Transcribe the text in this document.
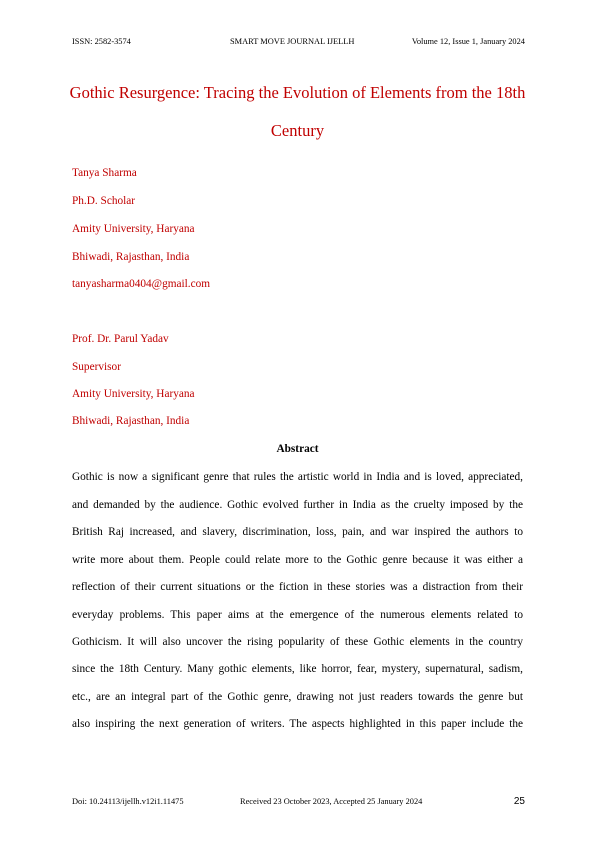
ISSN: 2582-3574	SMART MOVE JOURNAL IJELLH	Volume 12, Issue 1, January 2024
Gothic Resurgence: Tracing the Evolution of Elements from the 18th
Century
Tanya Sharma
Ph.D. Scholar
Amity University, Haryana
Bhiwadi, Rajasthan, India
tanyasharma0404@gmail.com
Prof. Dr. Parul Yadav
Supervisor
Amity University, Haryana
Bhiwadi, Rajasthan, India
Abstract
Gothic is now a significant genre that rules the artistic world in India and is loved, appreciated,
and demanded by the audience. Gothic evolved further in India as the cruelty imposed by the
British Raj increased, and slavery, discrimination, loss, pain, and war inspired the authors to
write more about them. People could relate more to the Gothic genre because it was either a
reflection of their current situations or the fiction in these stories was a distraction from their
everyday problems. This paper aims at the emergence of the numerous elements related to
Gothicism. It will also uncover the rising popularity of these Gothic elements in the country
since the 18th Century. Many gothic elements, like horror, fear, mystery, supernatural, sadism,
etc., are an integral part of the Gothic genre, drawing not just readers towards the genre but
also inspiring the next generation of writers. The aspects highlighted in this paper include the
Doi: 10.24113/ijellh.v12i1.11475	Received 23 October 2023, Accepted 25 January 2024	25
